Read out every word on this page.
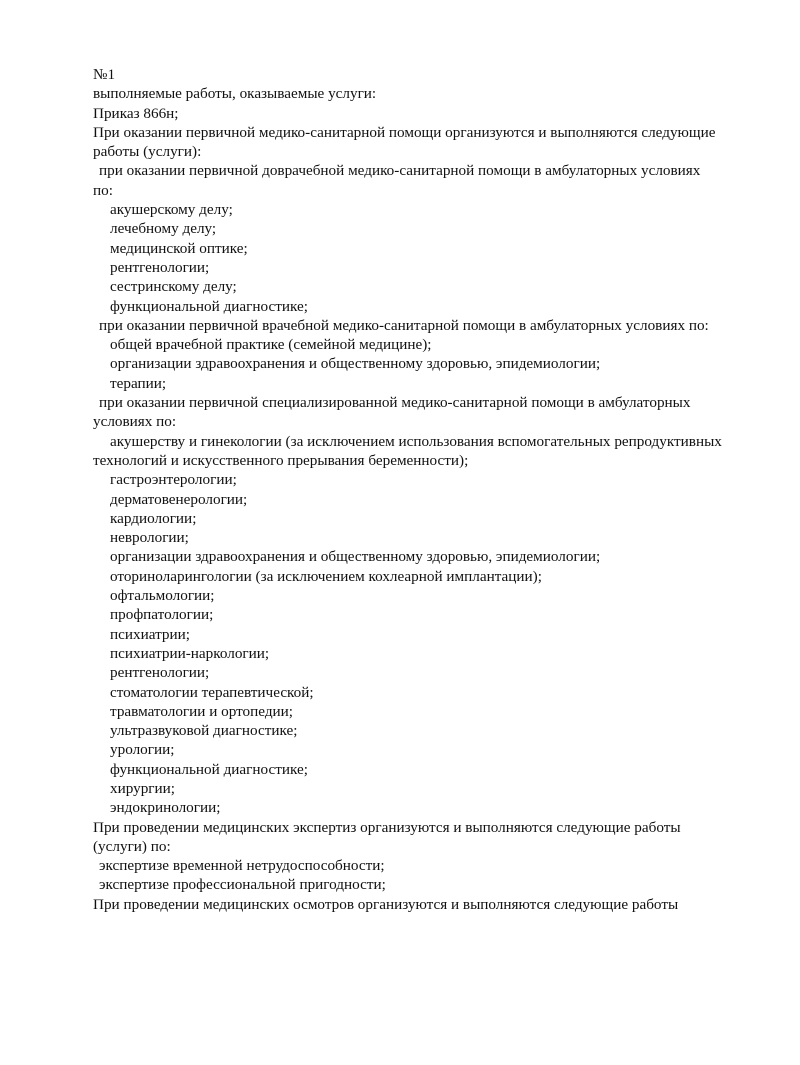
№1
выполняемые работы, оказываемые услуги:
Приказ 866н;
При оказании первичной медико-санитарной помощи организуются и выполняются следующие
работы (услуги):
при оказании первичной доврачебной медико-санитарной помощи в амбулаторных условиях
по:
акушерскому делу;
лечебному делу;
медицинской оптике;
рентгенологии;
сестринскому делу;
функциональной диагностике;
при оказании первичной врачебной медико-санитарной помощи в амбулаторных условиях по:
общей врачебной практике (семейной медицине);
организации здравоохранения и общественному здоровью, эпидемиологии;
терапии;
при оказании первичной специализированной медико-санитарной помощи в амбулаторных
условиях по:
акушерству и гинекологии (за исключением использования вспомогательных репродуктивных
технологий и искусственного прерывания беременности);
гастроэнтерологии;
дерматовенерологии;
кардиологии;
неврологии;
организации здравоохранения и общественному здоровью, эпидемиологии;
оториноларингологии (за исключением кохлеарной имплантации);
офтальмологии;
профпатологии;
психиатрии;
психиатрии-наркологии;
рентгенологии;
стоматологии терапевтической;
травматологии и ортопедии;
ультразвуковой диагностике;
урологии;
функциональной диагностике;
хирургии;
эндокринологии;
При проведении медицинских экспертиз организуются и выполняются следующие работы
(услуги) по:
экспертизе временной нетрудоспособности;
экспертизе профессиональной пригодности;
При проведении медицинских осмотров организуются и выполняются следующие работы
